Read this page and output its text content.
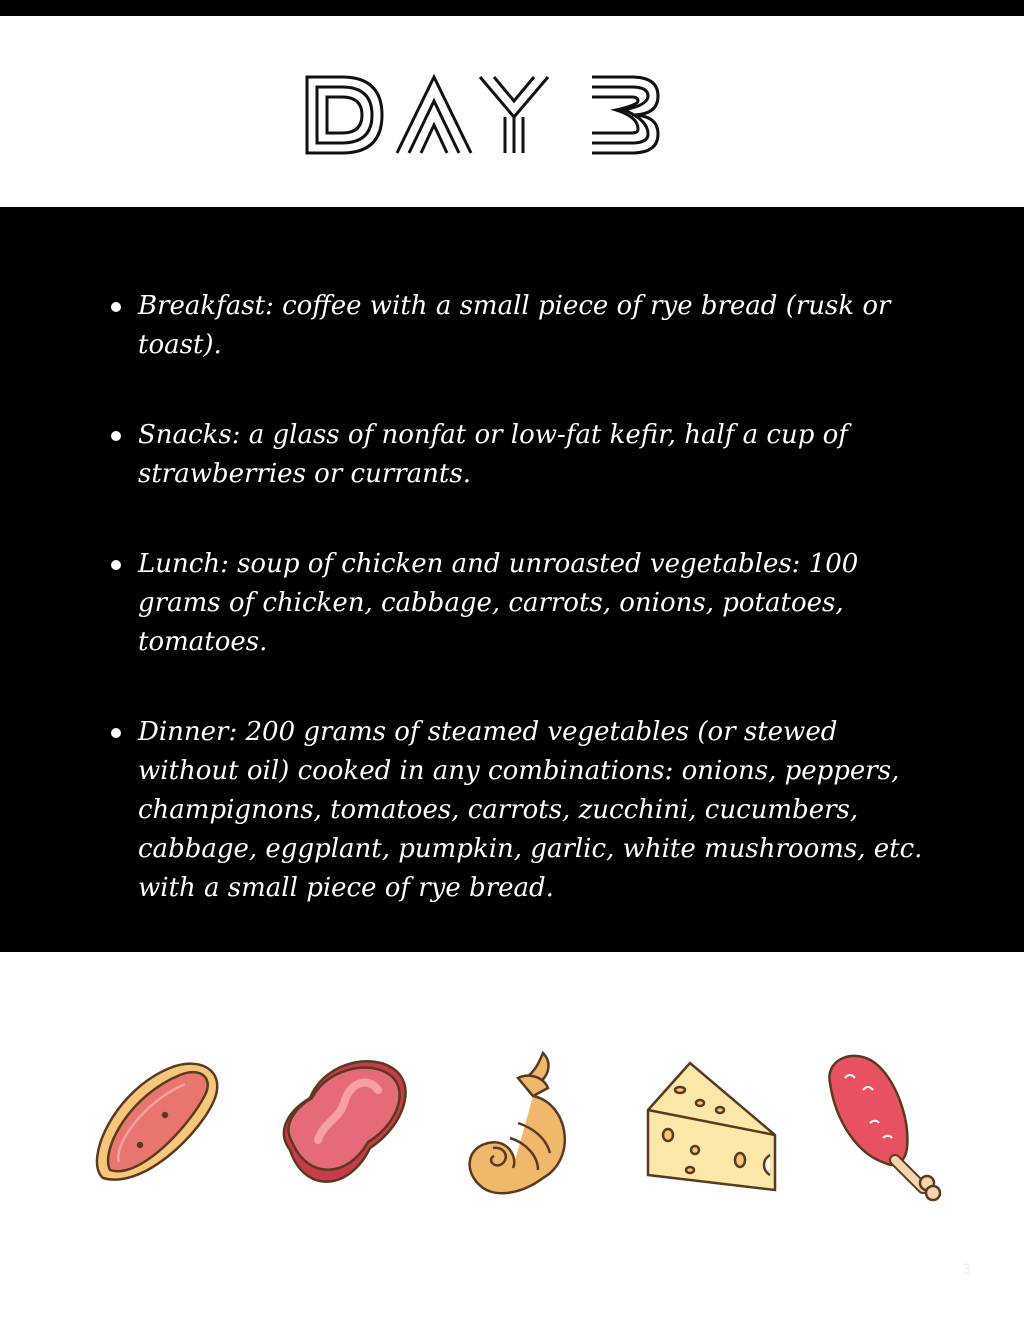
Breakfast: coffee with a small piece of rye bread (rusk or toast).
Snacks: a glass of nonfat or low-fat kefir, half a cup of strawberries or currants.
Lunch: soup of chicken and unroasted vegetables: 100 grams of chicken, cabbage, carrots, onions, potatoes, tomatoes.
Dinner: 200 grams of steamed vegetables (or stewed without oil) cooked in any combinations: onions, peppers, champignons, tomatoes, carrots, zucchini, cucumbers, cabbage, eggplant, pumpkin, garlic, white mushrooms, etc. with a small piece of rye bread.
3
